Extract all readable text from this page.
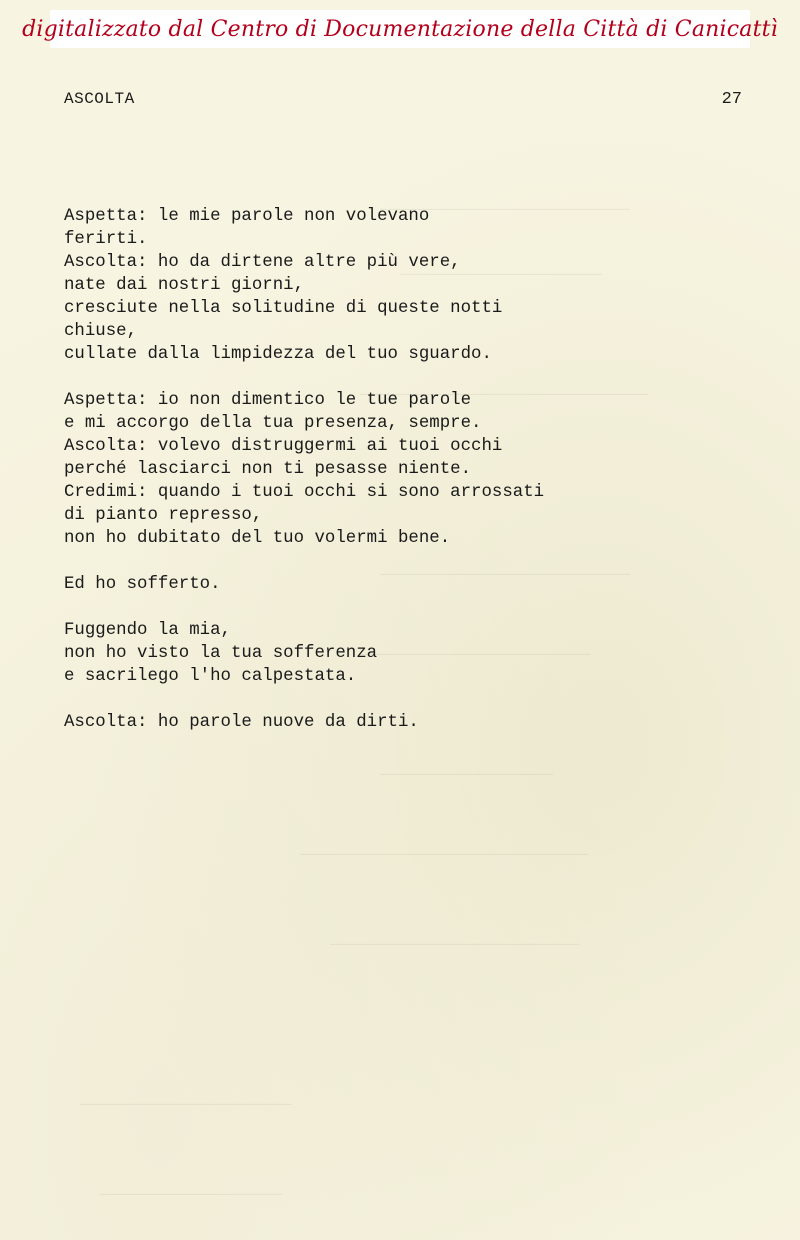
__________________________
_____________________
______________________________
__________________________
________________________
__________________
______________________________
__________________________
______________________
___________________
digitalizzato dal Centro di Documentazione della Città di Canicattì
ASCOLTA	27
Aspetta: le mie parole non volevano
ferirti.
Ascolta: ho da dirtene altre più vere,
nate dai nostri giorni,
cresciute nella solitudine di queste notti
chiuse,
cullate dalla limpidezza del tuo sguardo.
Aspetta: io non dimentico le tue parole
e mi accorgo della tua presenza, sempre.
Ascolta: volevo distruggermi ai tuoi occhi
perché lasciarci non ti pesasse niente.
Credimi: quando i tuoi occhi si sono arrossati
di pianto represso,
non ho dubitato del tuo volermi bene.
Ed ho sofferto.
Fuggendo la mia,
non ho visto la tua sofferenza
e sacrilego l'ho calpestata.
Ascolta: ho parole nuove da dirti.
